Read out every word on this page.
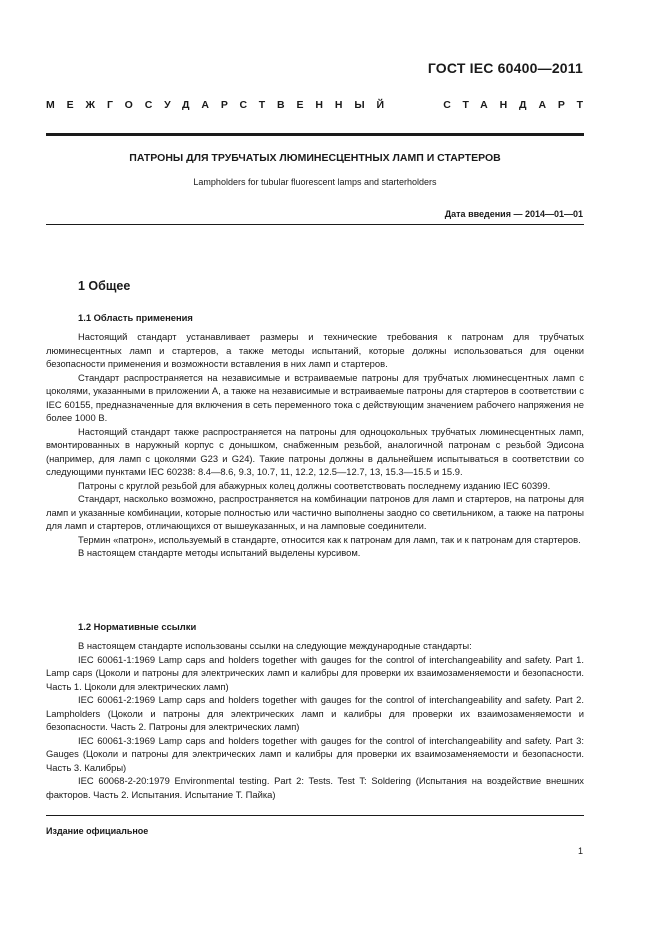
ГОСТ IEC 60400—2011
МЕЖГОСУДАРСТВЕННЫЙ	СТАНДАРТ
ПАТРОНЫ ДЛЯ ТРУБЧАТЫХ ЛЮМИНЕСЦЕНТНЫХ ЛАМП И СТАРТЕРОВ
Lampholders for tubular fluorescent lamps and starterholders
Дата введения — 2014—01—01
1 Общее
1.1 Область применения

Настоящий стандарт устанавливает размеры и технические требования к патронам для трубчатых люминесцентных ламп и стартеров, а также методы испытаний, которые должны использоваться для оценки безопасности применения и возможности вставления в них ламп и стартеров.

Стандарт распространяется на независимые и встраиваемые патроны для трубчатых люминесцентных ламп с цоколями, указанными в приложении А, а также на независимые и встраиваемые патроны для стартеров в соответствии с IEC 60155, предназначенные для включения в сеть переменного тока с действующим значением рабочего напряжения не более 1000 В.

Настоящий стандарт также распространяется на патроны для одноцокольных трубчатых люминесцентных ламп, вмонтированных в наружный корпус с донышком, снабженным резьбой, аналогичной патронам с резьбой Эдисона (например, для ламп с цоколями G23 и G24). Такие патроны должны в дальнейшем испытываться в соответствии со следующими пунктами IEC 60238: 8.4—8.6, 9.3, 10.7, 11, 12.2, 12.5—12.7, 13, 15.3—15.5 и 15.9.

Патроны с круглой резьбой для абажурных колец должны соответствовать последнему изданию IEC 60399.

Стандарт, насколько возможно, распространяется на комбинации патронов для ламп и стартеров, на патроны для ламп и указанные комбинации, которые полностью или частично выполнены заодно со светильником, а также на патроны для ламп и стартеров, отличающихся от вышеуказанных, и на ламповые соединители.

Термин «патрон», используемый в стандарте, относится как к патронам для ламп, так и к патронам для стартеров.

В настоящем стандарте методы испытаний выделены курсивом.

1.2 Нормативные ссылки

В настоящем стандарте использованы ссылки на следующие международные стандарты:

IEC 60061-1:1969 Lamp caps and holders together with gauges for the control of interchangeability and safety. Part 1. Lamp caps (Цоколи и патроны для электрических ламп и калибры для проверки их взаимозаменяемости и безопасности. Часть 1. Цоколи для электрических ламп)

IEC 60061-2:1969 Lamp caps and holders together with gauges for the control of interchangeability and safety. Part 2. Lampholders (Цоколи и патроны для электрических ламп и калибры для проверки их взаимозаменяемости и безопасности. Часть 2. Патроны для электрических ламп)

IEC 60061-3:1969 Lamp caps and holders together with gauges for the control of interchangeability and safety. Part 3: Gauges (Цоколи и патроны для электрических ламп и калибры для проверки их взаимозаменяемости и безопасности. Часть 3. Калибры)

IEC 60068-2-20:1979 Environmental testing. Part 2: Tests. Test T: Soldering (Испытания на воздействие внешних факторов. Часть 2. Испытания. Испытание Т. Пайка)

Издание официальное
1
